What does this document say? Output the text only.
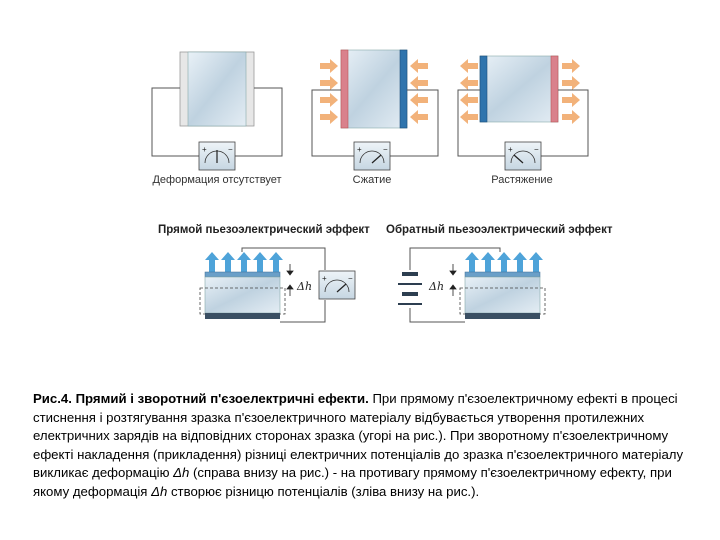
+	−
Деформация отсутствует
+	−
Сжатие
+	−
Растяжение
Прямой пьезоэлектрический эффект Обратный пьезоэлектрический эффект
Δh
+	−
Δh

Рис.4. Прямий і зворотний п'єзоелектричні ефекти. При прямому п'єзоелектричному ефекті в процесі стиснення і розтягування зразка п'єзоелектричного матеріалу відбувається утворення протилежних електричних зарядів на відповідних сторонах зразка (угорі на рис.). При зворотному п'єзоелектричному ефекті накладення (прикладення) різниці електричних потенціалів до зразка п'єзоелектричного матеріалу викликає деформацію Δh (справа внизу на рис.) - на противагу прямому п'єзоелектричному ефекту, при якому деформація Δh створює різницю потенціалів (зліва внизу на рис.).
